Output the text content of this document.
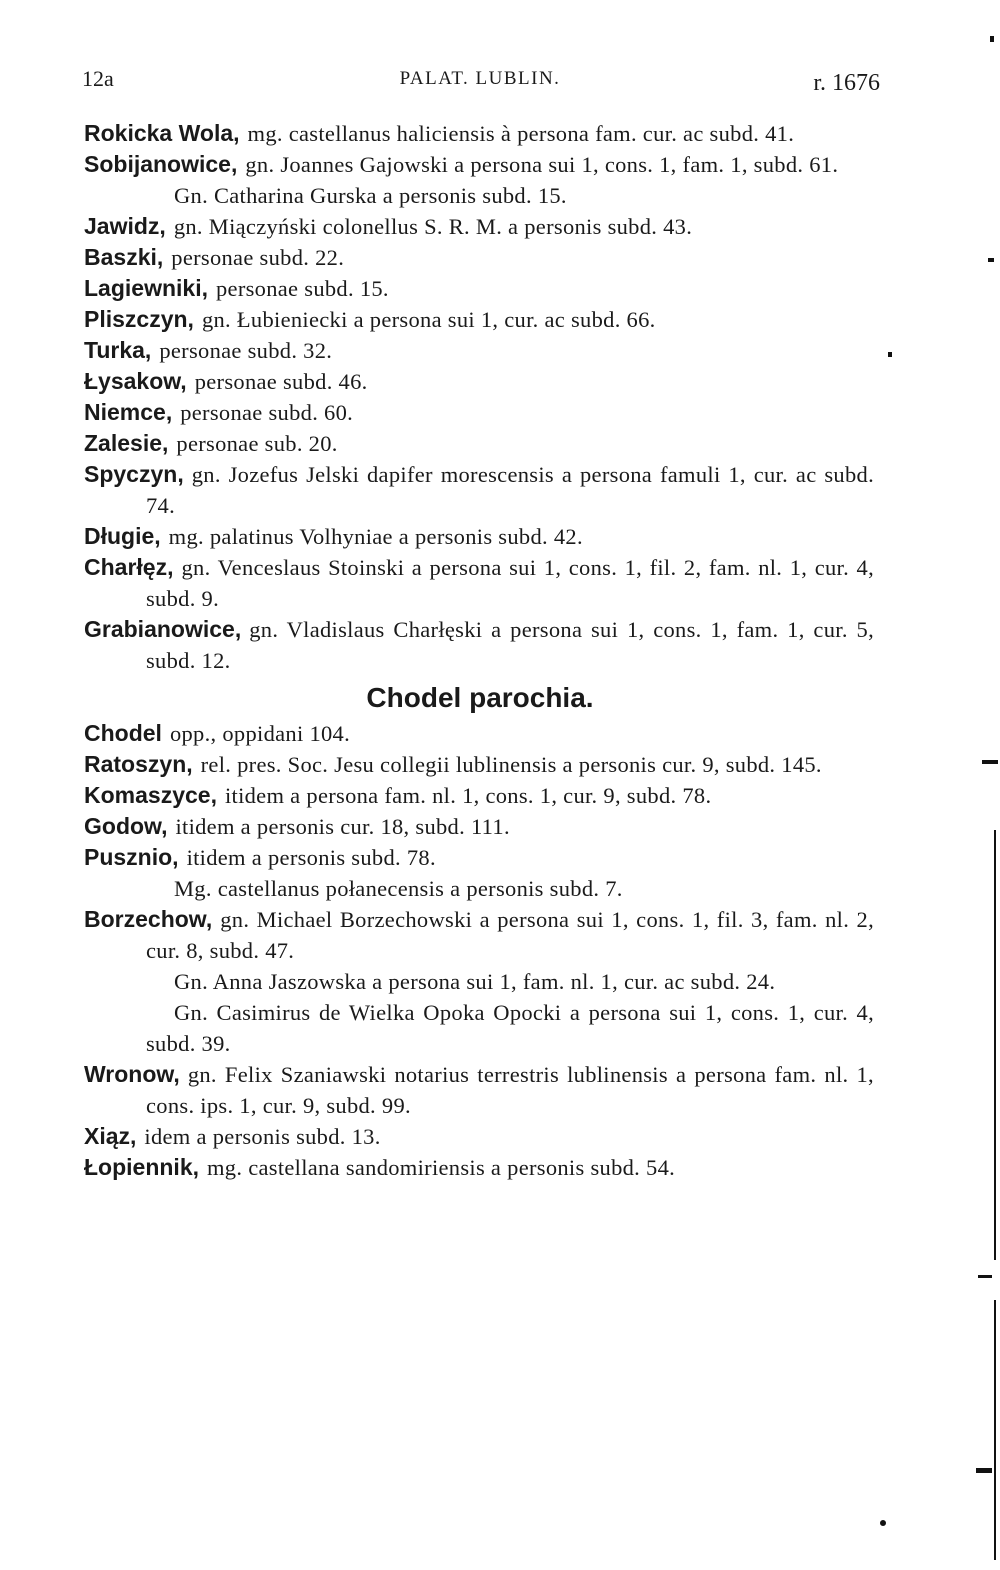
12a	PALAT. LUBLIN.	r. 1676
Rokicka Wola, mg. castellanus haliciensis à persona fam. cur. ac subd. 41.
Sobijanowice, gn. Joannes Gajowski a persona sui 1, cons. 1, fam. 1, subd. 61.
Gn. Catharina Gurska a personis subd. 15.
Jawidz, gn. Miączyński colonellus S. R. M. a personis subd. 43.
Baszki, personae subd. 22.
Lagiewniki, personae subd. 15.
Pliszczyn, gn. Łubieniecki a persona sui 1, cur. ac subd. 66.
Turka, personae subd. 32.
Łysakow, personae subd. 46.
Niemce, personae subd. 60.
Zalesie, personae sub. 20.
Spyczyn, gn. Jozefus Jelski dapifer morescensis a persona famuli 1, cur. ac subd. 74.
Długie, mg. palatinus Volhyniae a personis subd. 42.
Charłęz, gn. Venceslaus Stoinski a persona sui 1, cons. 1, fil. 2, fam. nl. 1, cur. 4, subd. 9.
Grabianowice, gn. Vladislaus Charłęski a persona sui 1, cons. 1, fam. 1, cur. 5, subd. 12.
Chodel parochia.
Chodel opp., oppidani 104.
Ratoszyn, rel. pres. Soc. Jesu collegii lublinensis a personis cur. 9, subd. 145.
Komaszyce, itidem a persona fam. nl. 1, cons. 1, cur. 9, subd. 78.
Godow, itidem a personis cur. 18, subd. 111.
Pusznio, itidem a personis subd. 78.
Mg. castellanus połanecensis a personis subd. 7.
Borzechow, gn. Michael Borzechowski a persona sui 1, cons. 1, fil. 3, fam. nl. 2, cur. 8, subd. 47.
Gn. Anna Jaszowska a persona sui 1, fam. nl. 1, cur. ac subd. 24.
Gn. Casimirus de Wielka Opoka Opocki a persona sui 1, cons. 1, cur. 4, subd. 39.
Wronow, gn. Felix Szaniawski notarius terrestris lublinensis a persona fam. nl. 1, cons. ips. 1, cur. 9, subd. 99.
Xiąz, idem a personis subd. 13.
Łopiennik, mg. castellana sandomiriensis a personis subd. 54.
